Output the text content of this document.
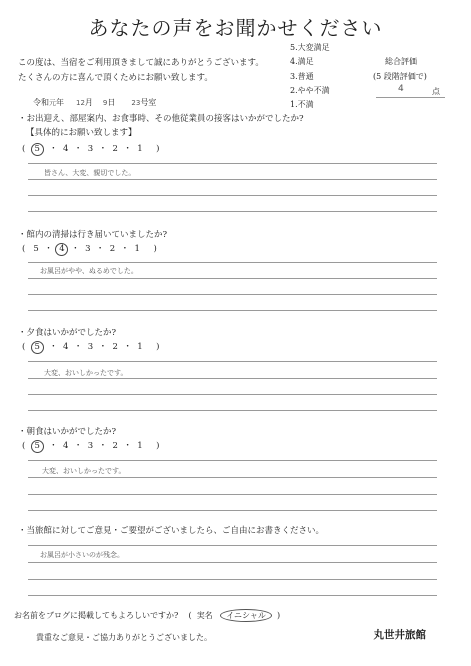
あなたの声をお聞かせください
この度は、当宿をご利用頂きまして誠にありがとうございます。
たくさんの方に喜んで頂くためにお願い致します。
5.大変満足
4.満足
3.普通
2.やや不満
1.不満
総合評価
(5 段階評価で)
4	点
令和元年 12月 9日 23号室
・お出迎え、部屋案内、お食事時、その他従業員の接客はいかがでしたか?
【具体的にお願い致します】
(  5  ・  4  ・  3  ・  2  ・  1     )
皆さん、大変、親切でした。
・館内の清掃は行き届いていましたか?
(   5  ・ 4 ・  3  ・  2  ・  1     )
お風呂がやや、ぬるめでした。
・夕食はいかがでしたか?
(  5  ・  4  ・  3  ・  2  ・  1     )
大変、おいしかったです。
・朝食はいかがでしたか?
(  5  ・  4  ・  3  ・  2  ・  1     )
大変、おいしかったです。
・当旅館に対してご意見・ご要望がございましたら、ご自由にお書きください。
お風呂が小さいのが残念。
お名前をブログに掲載してもよろしいですか? ( 実名 イニシャル )
貴重なご意見・ご協力ありがとうございました。	丸世井旅館
